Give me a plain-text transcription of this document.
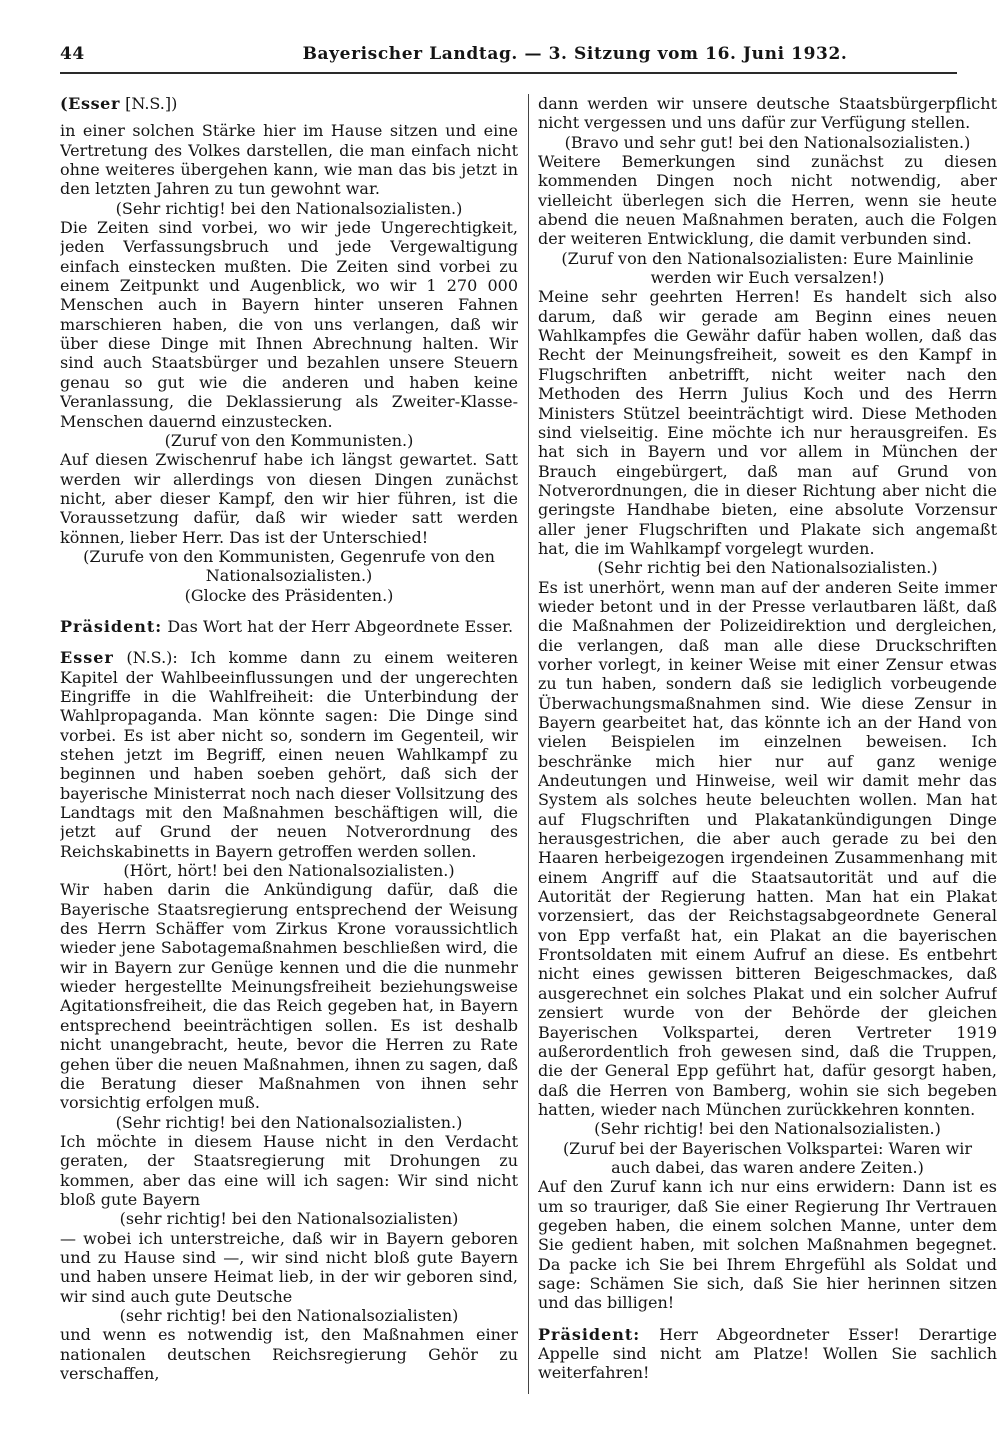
44	Bayerischer Landtag. — 3. Sitzung vom 16. Juni 1932.

(Esser [N.S.])

in einer solchen Stärke hier im Hause sitzen und eine Vertretung des Volkes darstellen, die man einfach nicht ohne weiteres übergehen kann, wie man das bis jetzt in den letzten Jahren zu tun gewohnt war.

(Sehr richtig! bei den Nationalsozialisten.)

Die Zeiten sind vorbei, wo wir jede Ungerechtigkeit, jeden Verfassungsbruch und jede Vergewaltigung einfach einstecken mußten. Die Zeiten sind vorbei zu einem Zeitpunkt und Augenblick, wo wir 1 270 000 Menschen auch in Bayern hinter unseren Fahnen marschieren haben, die von uns verlangen, daß wir über diese Dinge mit Ihnen Abrechnung halten. Wir sind auch Staatsbürger und bezahlen unsere Steuern genau so gut wie die anderen und haben keine Veranlassung, die Deklassierung als Zweiter-Klasse-Menschen dauernd einzustecken.

(Zuruf von den Kommunisten.)

Auf diesen Zwischenruf habe ich längst gewartet. Satt werden wir allerdings von diesen Dingen zunächst nicht, aber dieser Kampf, den wir hier führen, ist die Voraussetzung dafür, daß wir wieder satt werden können, lieber Herr. Das ist der Unterschied!

(Zurufe von den Kommunisten, Gegenrufe von den Nationalsozialisten.)

(Glocke des Präsidenten.)

Präsident: Das Wort hat der Herr Abgeordnete Esser.

Esser (N.S.): Ich komme dann zu einem weiteren Kapitel der Wahlbeeinflussungen und der ungerechten Eingriffe in die Wahlfreiheit: die Unterbindung der Wahlpropaganda. Man könnte sagen: Die Dinge sind vorbei. Es ist aber nicht so, sondern im Gegenteil, wir stehen jetzt im Begriff, einen neuen Wahlkampf zu beginnen und haben soeben gehört, daß sich der bayerische Ministerrat noch nach dieser Vollsitzung des Landtags mit den Maßnahmen beschäftigen will, die jetzt auf Grund der neuen Notverordnung des Reichskabinetts in Bayern getroffen werden sollen.

(Hört, hört! bei den Nationalsozialisten.)

Wir haben darin die Ankündigung dafür, daß die Bayerische Staatsregierung entsprechend der Weisung des Herrn Schäffer vom Zirkus Krone voraussichtlich wieder jene Sabotagemaßnahmen beschließen wird, die wir in Bayern zur Genüge kennen und die die nunmehr wieder hergestellte Meinungsfreiheit beziehungsweise Agitationsfreiheit, die das Reich gegeben hat, in Bayern entsprechend beeinträchtigen sollen. Es ist deshalb nicht unangebracht, heute, bevor die Herren zu Rate gehen über die neuen Maßnahmen, ihnen zu sagen, daß die Beratung dieser Maßnahmen von ihnen sehr vorsichtig erfolgen muß.

(Sehr richtig! bei den Nationalsozialisten.)

Ich möchte in diesem Hause nicht in den Verdacht geraten, der Staatsregierung mit Drohungen zu kommen, aber das eine will ich sagen: Wir sind nicht bloß gute Bayern

(sehr richtig! bei den Nationalsozialisten)

— wobei ich unterstreiche, daß wir in Bayern geboren und zu Hause sind —, wir sind nicht bloß gute Bayern und haben unsere Heimat lieb, in der wir geboren sind, wir sind auch gute Deutsche

(sehr richtig! bei den Nationalsozialisten)

und wenn es notwendig ist, den Maßnahmen einer nationalen deutschen Reichsregierung Gehör zu verschaffen,

dann werden wir unsere deutsche Staatsbürgerpflicht nicht vergessen und uns dafür zur Verfügung stellen.

(Bravo und sehr gut! bei den Nationalsozialisten.)

Weitere Bemerkungen sind zunächst zu diesen kommenden Dingen noch nicht notwendig, aber vielleicht überlegen sich die Herren, wenn sie heute abend die neuen Maßnahmen beraten, auch die Folgen der weiteren Entwicklung, die damit verbunden sind.

(Zuruf von den Nationalsozialisten: Eure Mainlinie werden wir Euch versalzen!)

Meine sehr geehrten Herren! Es handelt sich also darum, daß wir gerade am Beginn eines neuen Wahlkampfes die Gewähr dafür haben wollen, daß das Recht der Meinungsfreiheit, soweit es den Kampf in Flugschriften anbetrifft, nicht weiter nach den Methoden des Herrn Julius Koch und des Herrn Ministers Stützel beeinträchtigt wird. Diese Methoden sind vielseitig. Eine möchte ich nur herausgreifen. Es hat sich in Bayern und vor allem in München der Brauch eingebürgert, daß man auf Grund von Notverordnungen, die in dieser Richtung aber nicht die geringste Handhabe bieten, eine absolute Vorzensur aller jener Flugschriften und Plakate sich angemaßt hat, die im Wahlkampf vorgelegt wurden.

(Sehr richtig bei den Nationalsozialisten.)

Es ist unerhört, wenn man auf der anderen Seite immer wieder betont und in der Presse verlautbaren läßt, daß die Maßnahmen der Polizeidirektion und dergleichen, die verlangen, daß man alle diese Druckschriften vorher vorlegt, in keiner Weise mit einer Zensur etwas zu tun haben, sondern daß sie lediglich vorbeugende Überwachungsmaßnahmen sind. Wie diese Zensur in Bayern gearbeitet hat, das könnte ich an der Hand von vielen Beispielen im einzelnen beweisen. Ich beschränke mich hier nur auf ganz wenige Andeutungen und Hinweise, weil wir damit mehr das System als solches heute beleuchten wollen. Man hat auf Flugschriften und Plakatankündigungen Dinge herausgestrichen, die aber auch gerade zu bei den Haaren herbeigezogen irgendeinen Zusammenhang mit einem Angriff auf die Staatsautorität und auf die Autorität der Regierung hatten. Man hat ein Plakat vorzensiert, das der Reichstagsabgeordnete General von Epp verfaßt hat, ein Plakat an die bayerischen Frontsoldaten mit einem Aufruf an diese. Es entbehrt nicht eines gewissen bitteren Beigeschmackes, daß ausgerechnet ein solches Plakat und ein solcher Aufruf zensiert wurde von der Behörde der gleichen Bayerischen Volkspartei, deren Vertreter 1919 außerordentlich froh gewesen sind, daß die Truppen, die der General Epp geführt hat, dafür gesorgt haben, daß die Herren von Bamberg, wohin sie sich begeben hatten, wieder nach München zurückkehren konnten.

(Sehr richtig! bei den Nationalsozialisten.)

(Zuruf bei der Bayerischen Volkspartei: Waren wir auch dabei, das waren andere Zeiten.)

Auf den Zuruf kann ich nur eins erwidern: Dann ist es um so trauriger, daß Sie einer Regierung Ihr Vertrauen gegeben haben, die einem solchen Manne, unter dem Sie gedient haben, mit solchen Maßnahmen begegnet. Da packe ich Sie bei Ihrem Ehrgefühl als Soldat und sage: Schämen Sie sich, daß Sie hier herinnen sitzen und das billigen!

Präsident: Herr Abgeordneter Esser! Derartige Appelle sind nicht am Platze! Wollen Sie sachlich weiterfahren!
